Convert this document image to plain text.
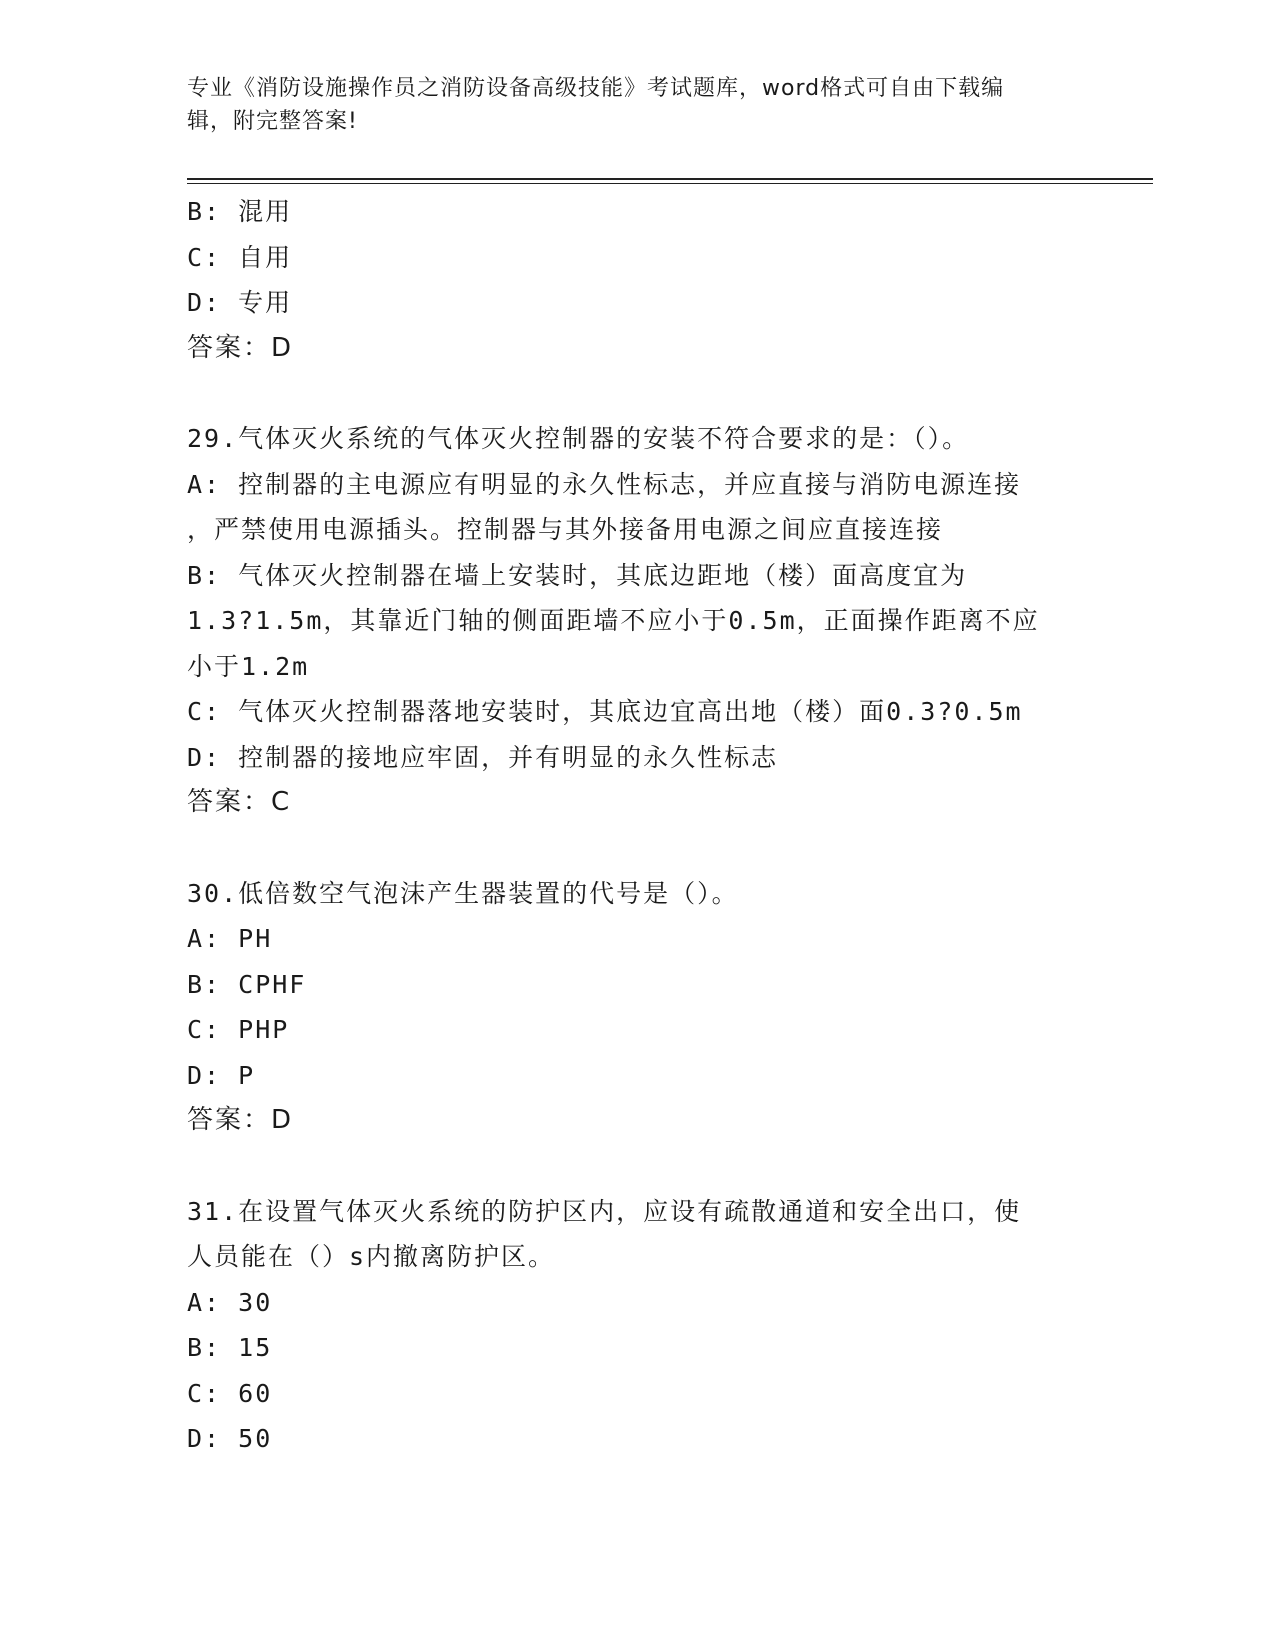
专业《消防设施操作员之消防设备高级技能》考试题库，word格式可自由下载编
辑，附完整答案!
B: 混用
C: 自用
D: 专用
答案：D
29.气体灭火系统的气体灭火控制器的安装不符合要求的是：（）。
A: 控制器的主电源应有明显的永久性标志，并应直接与消防电源连接
，严禁使用电源插头。控制器与其外接备用电源之间应直接连接
B: 气体灭火控制器在墙上安装时，其底边距地（楼）面高度宜为
1.3?1.5m，其靠近门轴的侧面距墙不应小于0.5m，正面操作距离不应
小于1.2m
C: 气体灭火控制器落地安装时，其底边宜高出地（楼）面0.3?0.5m
D: 控制器的接地应牢固，并有明显的永久性标志
答案：C
30.低倍数空气泡沫产生器装置的代号是（）。
A: PH
B: CPHF
C: PHP
D: P
答案：D
31.在设置气体灭火系统的防护区内，应设有疏散通道和安全出口，使
人员能在（）s内撤离防护区。
A: 30
B: 15
C: 60
D: 50
